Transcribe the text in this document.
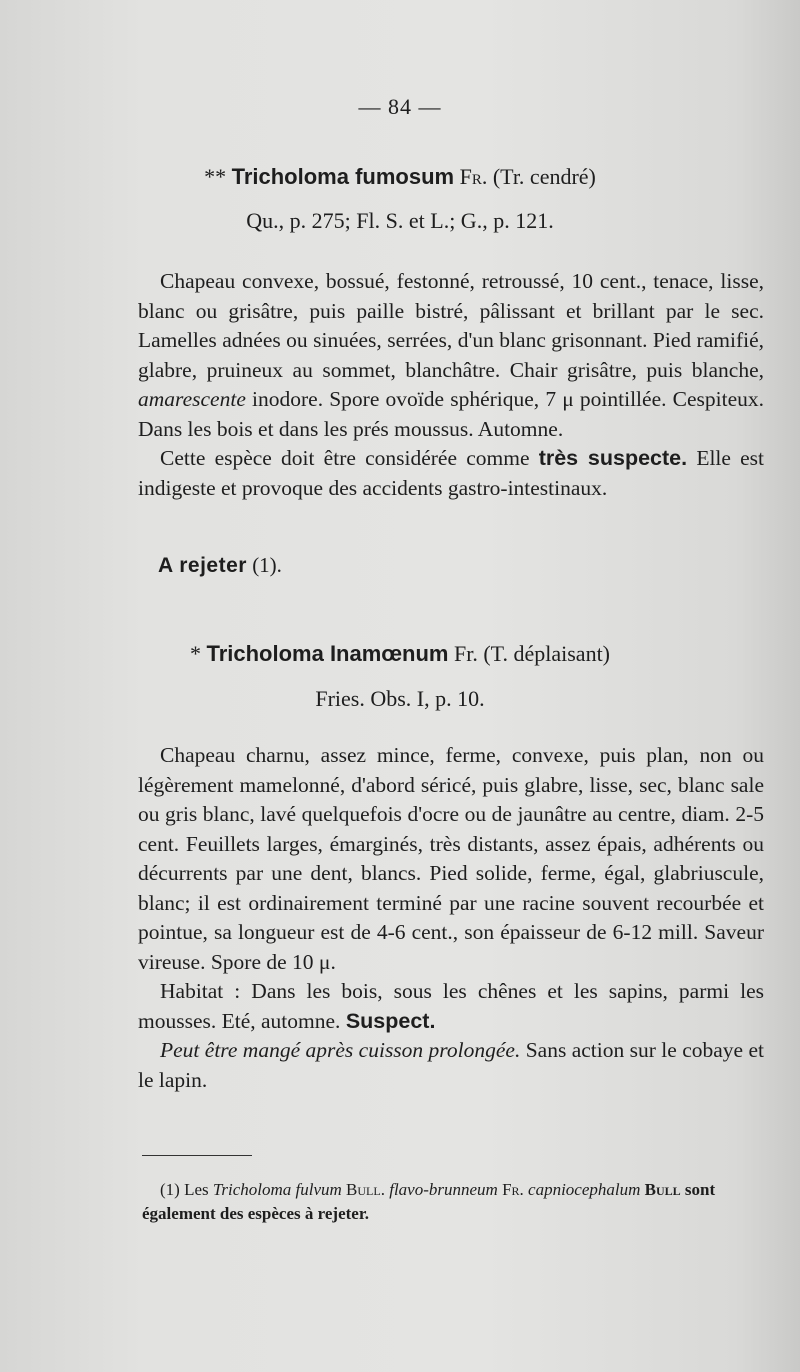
— 84 —
** Tricholoma fumosum Fr. (Tr. cendré)
Qu., p. 275; Fl. S. et L.; G., p. 121.

Chapeau convexe, bossué, festonné, retroussé, 10 cent., tenace, lisse, blanc ou grisâtre, puis paille bistré, pâlissant et brillant par le sec. Lamelles adnées ou sinuées, serrées, d'un blanc grisonnant. Pied ramifié, glabre, pruineux au sommet, blanchâtre. Chair grisâtre, puis blanche, amarescente inodore. Spore ovoïde sphérique, 7 μ pointillée. Cespiteux. Dans les bois et dans les prés moussus. Automne.

Cette espèce doit être considérée comme très suspecte. Elle est indigeste et provoque des accidents gastro-intestinaux.

A rejeter (1).
* Tricholoma Inamœnum Fr. (T. déplaisant)
Fries. Obs. I, p. 10.

Chapeau charnu, assez mince, ferme, convexe, puis plan, non ou légèrement mamelonné, d'abord séricé, puis glabre, lisse, sec, blanc sale ou gris blanc, lavé quelquefois d'ocre ou de jaunâtre au centre, diam. 2-5 cent. Feuillets larges, émarginés, très distants, assez épais, adhérents ou décurrents par une dent, blancs. Pied solide, ferme, égal, glabriuscule, blanc; il est ordinairement terminé par une racine souvent recourbée et pointue, sa longueur est de 4-6 cent., son épaisseur de 6-12 mill. Saveur vireuse. Spore de 10 μ.

Habitat : Dans les bois, sous les chênes et les sapins, parmi les mousses. Eté, automne. Suspect.

Peut être mangé après cuisson prolongée. Sans action sur le cobaye et le lapin.

(1) Les Tricholoma fulvum Bull. flavo-brunneum Fr. capniocephalum Bull sont également des espèces à rejeter.
